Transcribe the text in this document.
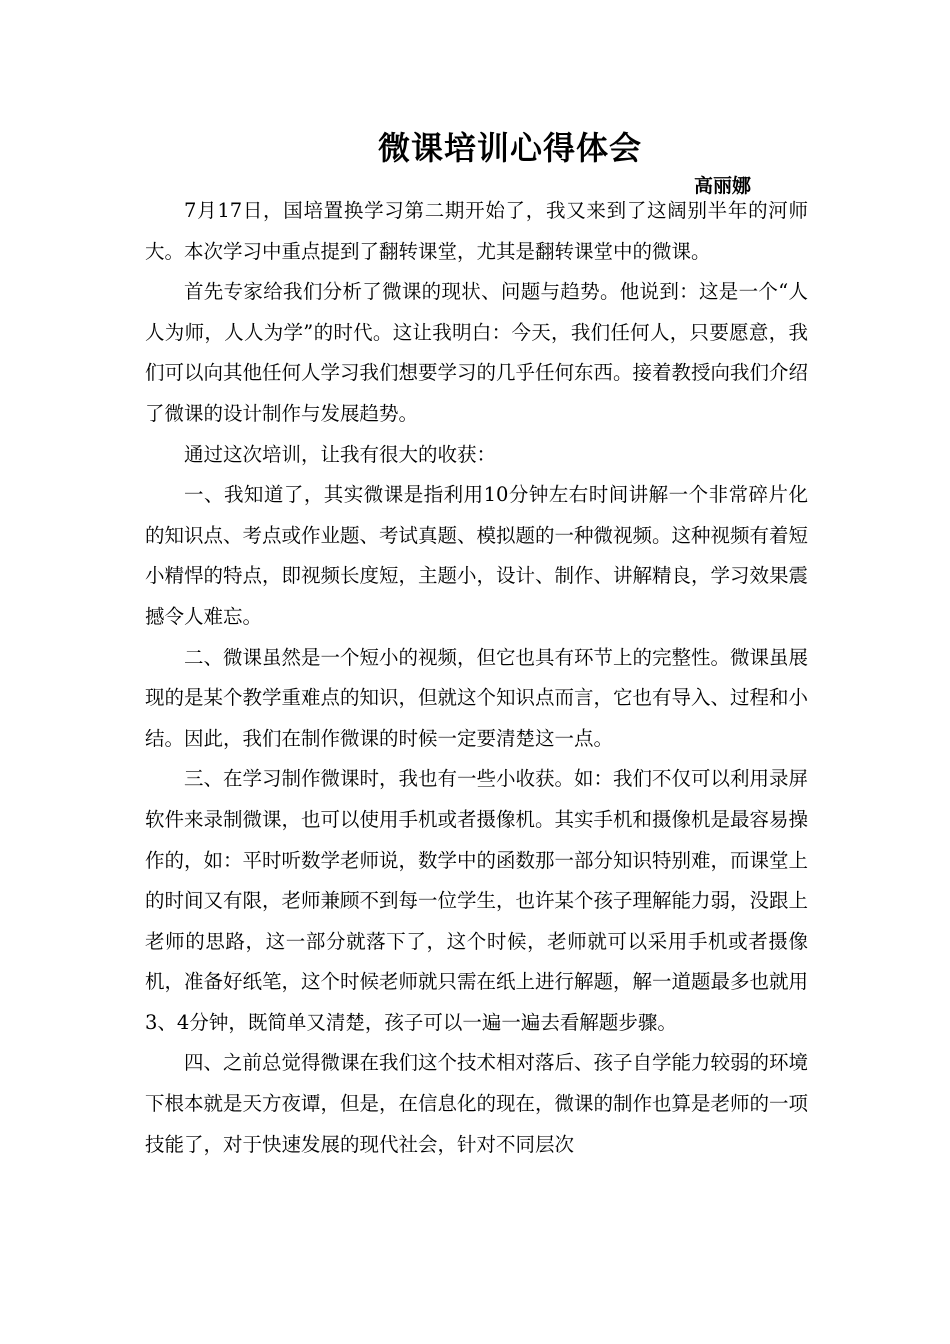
微课培训心得体会
高丽娜

7月17日，国培置换学习第二期开始了，我又来到了这阔别半年的河师大。本次学习中重点提到了翻转课堂，尤其是翻转课堂中的微课。

首先专家给我们分析了微课的现状、问题与趋势。他说到：这是一个“人人为师，人人为学”的时代。这让我明白：今天，我们任何人，只要愿意，我们可以向其他任何人学习我们想要学习的几乎任何东西。接着教授向我们介绍了微课的设计制作与发展趋势。

通过这次培训，让我有很大的收获：

一、我知道了，其实微课是指利用10分钟左右时间讲解一个非常碎片化的知识点、考点或作业题、考试真题、模拟题的一种微视频。这种视频有着短小精悍的特点，即视频长度短，主题小，设计、制作、讲解精良，学习效果震撼令人难忘。

二、微课虽然是一个短小的视频，但它也具有环节上的完整性。微课虽展现的是某个教学重难点的知识，但就这个知识点而言，它也有导入、过程和小结。因此，我们在制作微课的时候一定要清楚这一点。

三、在学习制作微课时，我也有一些小收获。如：我们不仅可以利用录屏软件来录制微课，也可以使用手机或者摄像机。其实手机和摄像机是最容易操作的，如：平时听数学老师说，数学中的函数那一部分知识特别难，而课堂上的时间又有限，老师兼顾不到每一位学生，也许某个孩子理解能力弱，没跟上老师的思路，这一部分就落下了，这个时候，老师就可以采用手机或者摄像机，准备好纸笔，这个时候老师就只需在纸上进行解题，解一道题最多也就用3、4分钟，既简单又清楚，孩子可以一遍一遍去看解题步骤。

四、之前总觉得微课在我们这个技术相对落后、孩子自学能力较弱的环境下根本就是天方夜谭，但是，在信息化的现在，微课的制作也算是老师的一项技能了，对于快速发展的现代社会，针对不同层次
